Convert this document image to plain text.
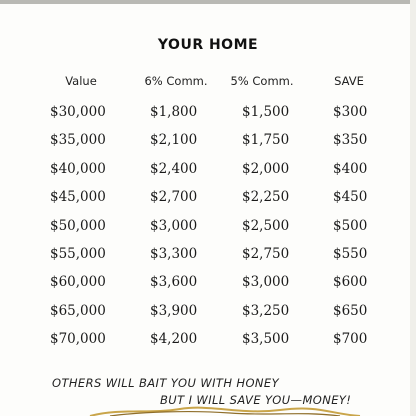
YOUR HOME
Value	6% Comm.	5% Comm.	SAVE
$30,000	$1,800	$1,500	$300
$35,000	$2,100	$1,750	$350
$40,000	$2,400	$2,000	$400
$45,000	$2,700	$2,250	$450
$50,000	$3,000	$2,500	$500
$55,000	$3,300	$2,750	$550
$60,000	$3,600	$3,000	$600
$65,000	$3,900	$3,250	$650
$70,000	$4,200	$3,500	$700
OTHERS WILL BAIT YOU WITH HONEY
BUT I WILL SAVE YOU—MONEY!
